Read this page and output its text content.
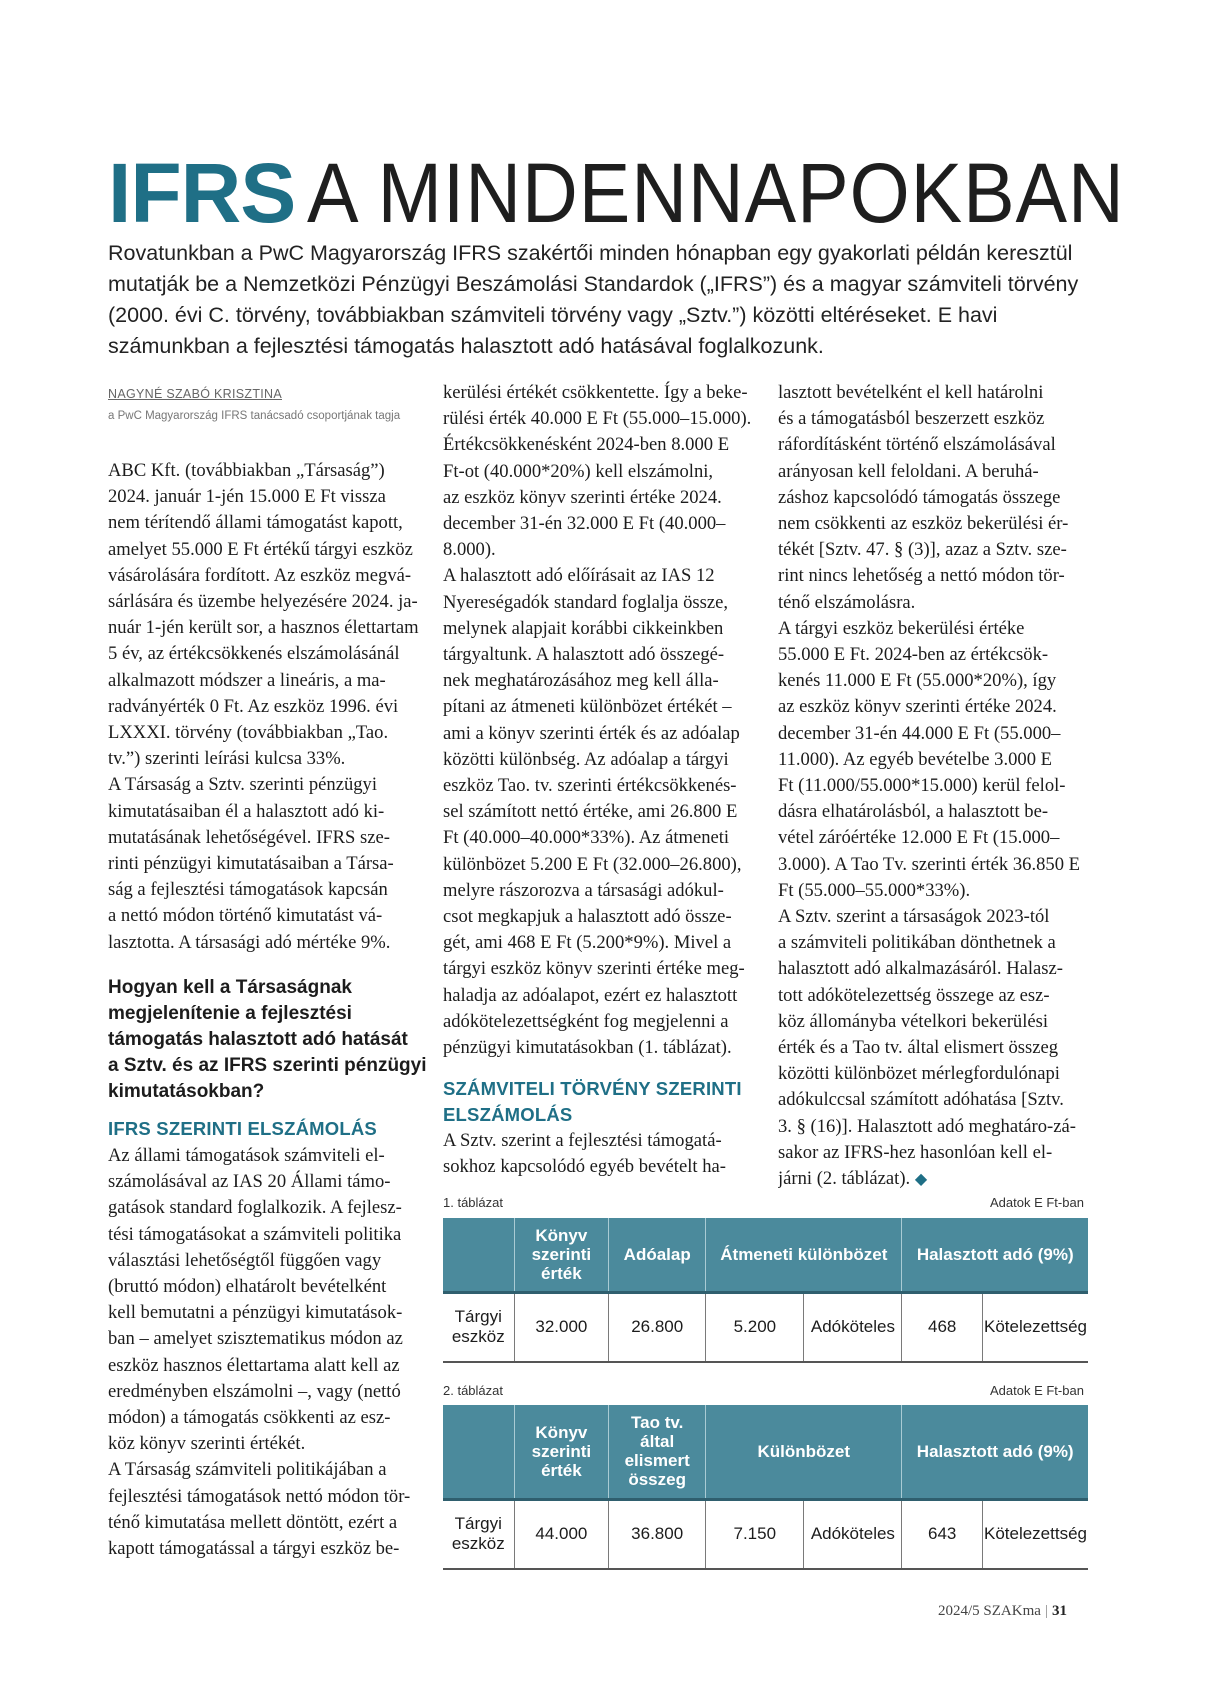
IFRS A MINDENNAPOKBAN
Rovatunkban a PwC Magyarország IFRS szakértői minden hónapban egy gyakorlati példán keresztül
mutatják be a Nemzetközi Pénzügyi Beszámolási Standardok („IFRS”) és a magyar számviteli törvény
(2000. évi C. törvény, továbbiakban számviteli törvény vagy „Sztv.”) közötti eltéréseket. E havi
számunkban a fejlesztési támogatás halasztott adó hatásával foglalkozunk.
NAGYNÉ SZABÓ KRISZTINA
a PwC Magyarország IFRS tanácsadó csoportjának tagja
ABC Kft. (továbbiakban „Társaság”)
2024. január 1-jén 15.000 E Ft vissza
nem térítendő állami támogatást kapott,
amelyet 55.000 E Ft értékű tárgyi eszköz
vásárolására fordított. Az eszköz megvá-
sárlására és üzembe helyezésére 2024. ja-
nuár 1-jén került sor, a hasznos élettartam
5 év, az értékcsökkenés elszámolásánál
alkalmazott módszer a lineáris, a ma-
radványérték 0 Ft. Az eszköz 1996. évi
LXXXI. törvény (továbbiakban „Tao.
tv.”) szerinti leírási kulcsa 33%.
A Társaság a Sztv. szerinti pénzügyi
kimutatásaiban él a halasztott adó ki-
mutatásának lehetőségével. IFRS sze-
rinti pénzügyi kimutatásaiban a Társa-
ság a fejlesztési támogatások kapcsán
a nettó módon történő kimutatást vá-
lasztotta. A társasági adó mértéke 9%.
Hogyan kell a Társaságnak
megjelenítenie a fejlesztési
támogatás halasztott adó hatását
a Sztv. és az IFRS szerinti pénzügyi
kimutatásokban?
IFRS SZERINTI ELSZÁMOLÁS
Az állami támogatások számviteli el-
számolásával az IAS 20 Állami támo-
gatások standard foglalkozik. A fejlesz-
tési támogatásokat a számviteli politika
választási lehetőségtől függően vagy
(bruttó módon) elhatárolt bevételként
kell bemutatni a pénzügyi kimutatások-
ban – amelyet szisztematikus módon az
eszköz hasznos élettartama alatt kell az
eredményben elszámolni –, vagy (nettó
módon) a támogatás csökkenti az esz-
köz könyv szerinti értékét.
A Társaság számviteli politikájában a
fejlesztési támogatások nettó módon tör-
ténő kimutatása mellett döntött, ezért a
kapott támogatással a tárgyi eszköz be-
kerülési értékét csökkentette. Így a beke-
rülési érték 40.000 E Ft (55.000–15.000).
Értékcsökkenésként 2024-ben 8.000 E
Ft-ot (40.000*20%) kell elszámolni,
az eszköz könyv szerinti értéke 2024.
december 31-én 32.000 E Ft (40.000–
8.000).
A halasztott adó előírásait az IAS 12
Nyereségadók standard foglalja össze,
melynek alapjait korábbi cikkeinkben
tárgyaltunk. A halasztott adó összegé-
nek meghatározásához meg kell álla-
pítani az átmeneti különbözet értékét –
ami a könyv szerinti érték és az adóalap
közötti különbség. Az adóalap a tárgyi
eszköz Tao. tv. szerinti értékcsökkenés-
sel számított nettó értéke, ami 26.800 E
Ft (40.000–40.000*33%). Az átmeneti
különbözet 5.200 E Ft (32.000–26.800),
melyre rászorozva a társasági adókul-
csot megkapjuk a halasztott adó össze-
gét, ami 468 E Ft (5.200*9%). Mivel a
tárgyi eszköz könyv szerinti értéke meg-
haladja az adóalapot, ezért ez halasztott
adókötelezettségként fog megjelenni a
pénzügyi kimutatásokban (1. táblázat).
SZÁMVITELI TÖRVÉNY SZERINTI
ELSZÁMOLÁS
A Sztv. szerint a fejlesztési támogatá-
sokhoz kapcsolódó egyéb bevételt ha-
lasztott bevételként el kell határolni
és a támogatásból beszerzett eszköz
ráfordításként történő elszámolásával
arányosan kell feloldani. A beruhá-
záshoz kapcsolódó támogatás összege
nem csökkenti az eszköz bekerülési ér-
tékét [Sztv. 47. § (3)], azaz a Sztv. sze-
rint nincs lehetőség a nettó módon tör-
ténő elszámolásra.
A tárgyi eszköz bekerülési értéke
55.000 E Ft. 2024-ben az értékcsök-
kenés 11.000 E Ft (55.000*20%), így
az eszköz könyv szerinti értéke 2024.
december 31-én 44.000 E Ft (55.000–
11.000). Az egyéb bevételbe 3.000 E
Ft (11.000/55.000*15.000) kerül felol-
dásra elhatárolásból, a halasztott be-
vétel záróértéke 12.000 E Ft (15.000–
3.000). A Tao Tv. szerinti érték 36.850 E
Ft (55.000–55.000*33%).
A Sztv. szerint a társaságok 2023-tól
a számviteli politikában dönthetnek a
halasztott adó alkalmazásáról. Halasz-
tott adókötelezettség összege az esz-
köz állományba vételkori bekerülési
érték és a Tao tv. által elismert összeg
közötti különbözet mérlegfordulónapi
adókulccsal számított adóhatása [Sztv.
3. § (16)]. Halasztott adó meghatáro-zá-
sakor az IFRS-hez hasonlóan kell el-
járni (2. táblázat). ◆
1. táblázat	Adatok E Ft-ban
	Könyv szerinti érték	Adóalap	Átmeneti különbözet		Halasztott adó (9%)	
Tárgyi eszköz	32.000	26.800	5.200	Adóköteles	468	Kötelezettség
2. táblázat	Adatok E Ft-ban
	Könyv szerinti érték	Tao tv. által elismert összeg	Különbözet		Halasztott adó (9%)	
Tárgyi eszköz	44.000	36.800	7.150	Adóköteles	643	Kötelezettség
2024/5 SZAKma | 31
